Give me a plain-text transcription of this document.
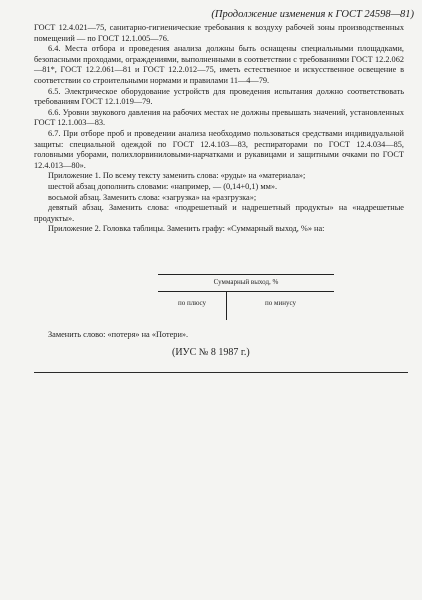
(Продолжение изменения к ГОСТ 24598—81)

ГОСТ 12.4.021—75, санитарно-гигиенические требования к воздуху рабочей зоны производственных помещений — по ГОСТ 12.1.005—76.

6.4. Места отбора и проведения анализа должны быть оснащены специальными площадками, безопасными проходами, ограждениями, выполненными в соответствии с требованиями ГОСТ 12.2.062—81*, ГОСТ 12.2.061—81 и ГОСТ 12.2.012—75, иметь естественное и искусственное освещение в соответствии со строительными нормами и правилами 11—4—79.

6.5. Электрическое оборудование устройств для проведения испытания должно соответствовать требованиям ГОСТ 12.1.019—79.

6.6. Уровни звукового давления на рабочих местах не должны превышать значений, установленных ГОСТ 12.1.003—83.

6.7. При отборе проб и проведении анализа необходимо пользоваться средствами индивидуальной защиты: специальной одеждой по ГОСТ 12.4.103—83, респираторами по ГОСТ 12.4.034—85, головными уборами, полихлорвиниловыми-нарчатками и рукавицами и защитными очками по ГОСТ 12.4.013—80».

Приложение 1. По всему тексту заменить слова: «руды» на «материала»;

шестой абзац дополнить словами: «например, — (0,14+0,1) мм».

восьмой абзац. Заменить слова: «загрузка» на «разгрузка»;

девятый абзац. Заменить слова: «подрешетный и надрешетный продукты» на «надрешетные продукты».

Приложение 2. Головка таблицы. Заменить графу: «Суммарный выход, %» на:

Суммарный выход, %
по плюсу	по минусу
Заменить слово: «потеря» на «Потери».
(ИУС № 8 1987 г.)
